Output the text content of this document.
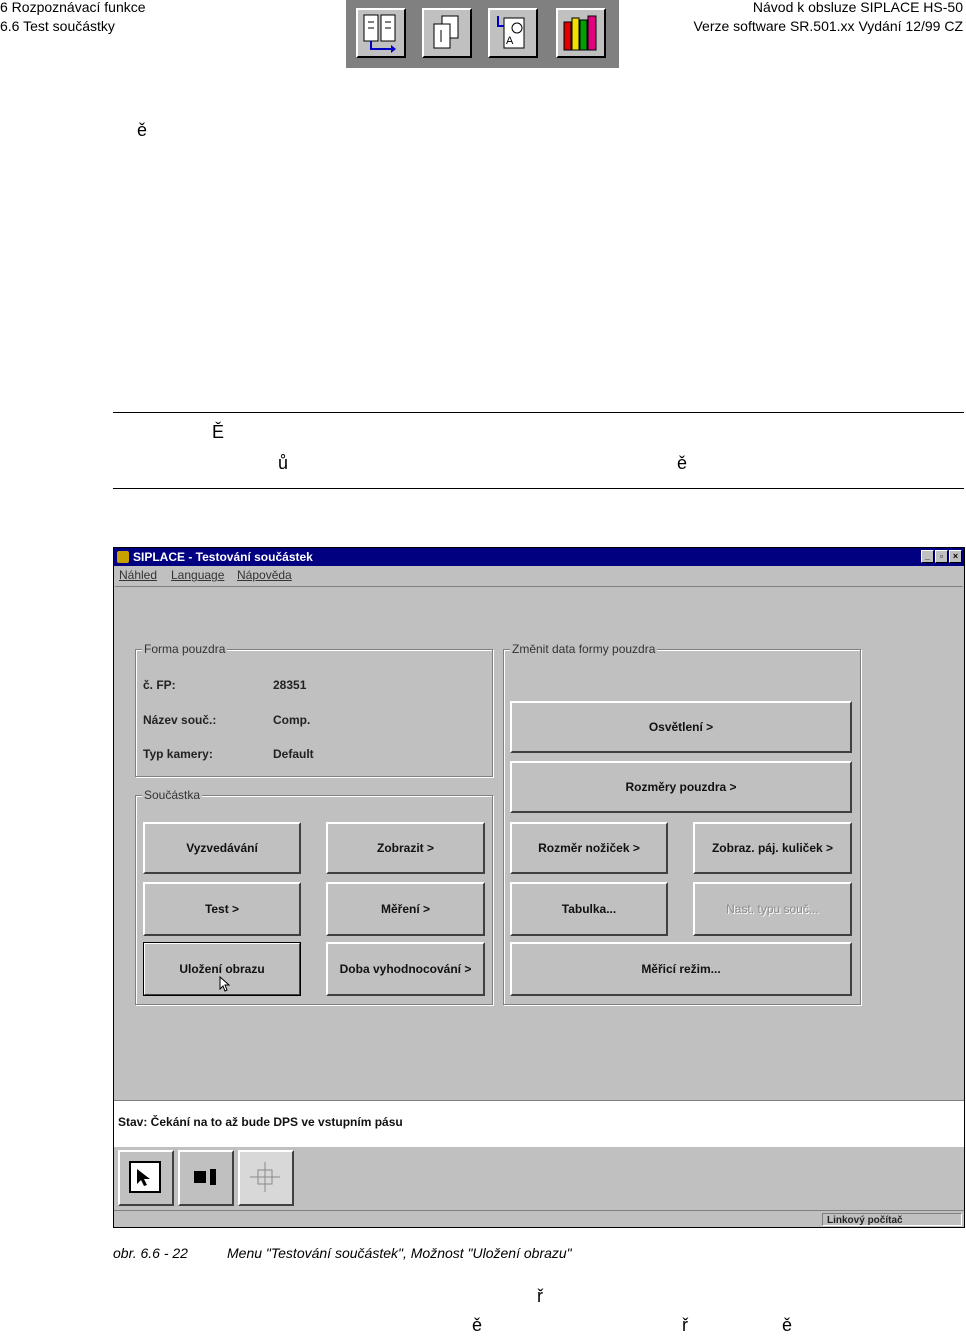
6 Rozpoznávací funkce
6.6 Test součástky
Návod k obsluze SIPLACE HS-50
Verze software SR.501.xx Vydání 12/99 CZ
A
ě
Ě
ů	ě
SIPLACE - Testování součástek	_	▫	×
Náhled Language Nápověda
Forma pouzdra
č. FP:	28351
Název souč.:	Comp.
Typ kamery:	Default
Součástka
Vyzvedávání	Zobrazit >
Test >	Měření >
Uložení obrazu	Doba vyhodnocování >
Změnit data formy pouzdra
Osvětlení >
Rozměry pouzdra >
Rozměr nožiček >	Zobraz. páj. kuliček >
Tabulka...	Nast. typu souč...
Měřicí režim...
Stav: Čekání na to až bude DPS ve vstupním pásu
Linkový počítač
obr. 6.6 - 22	Menu "Testování součástek", Možnost "Uložení obrazu"
ř
ě	ř	ě
